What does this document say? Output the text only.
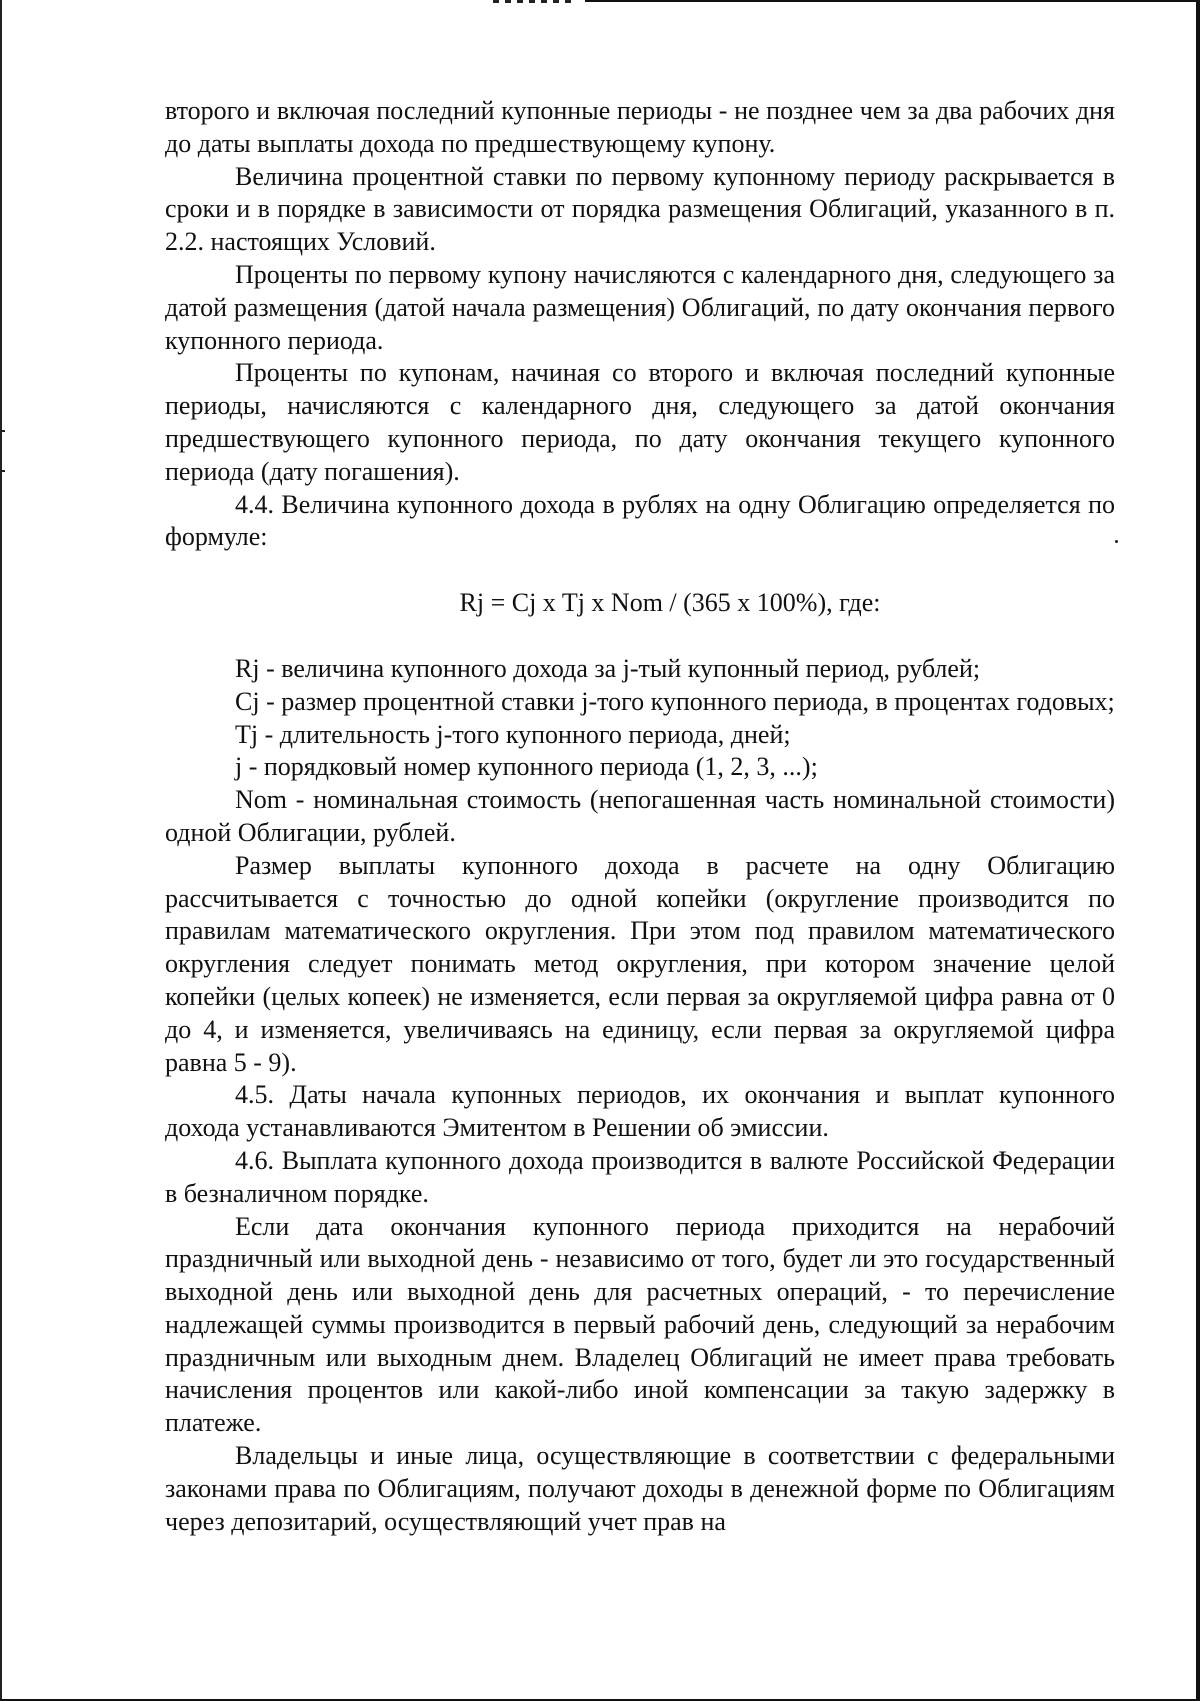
второго и включая последний купонные периоды - не позднее чем за два рабочих дня до даты выплаты дохода по предшествующему купону.

Величина процентной ставки по первому купонному периоду раскрывается в сроки и в порядке в зависимости от порядка размещения Облигаций, указанного в п. 2.2. настоящих Условий.

Проценты по первому купону начисляются с календарного дня, следующего за датой размещения (датой начала размещения) Облигаций, по дату окончания первого купонного периода.

Проценты по купонам, начиная со второго и включая последний купонные периоды, начисляются с календарного дня, следующего за датой окончания предшествующего купонного периода, по дату окончания текущего купонного периода (дату погашения).

4.4. Величина купонного дохода в рублях на одну Облигацию определяется по формуле:

Rj = Cj x Tj x Nom / (365 x 100%), где:

Rj - величина купонного дохода за j-тый купонный период, рублей;

Cj - размер процентной ставки j-того купонного периода, в процентах годовых;

Tj - длительность j-того купонного периода, дней;

j - порядковый номер купонного периода (1, 2, 3, ...);

Nom - номинальная стоимость (непогашенная часть номинальной стоимости) одной Облигации, рублей.

Размер выплаты купонного дохода в расчете на одну Облигацию рассчитывается с точностью до одной копейки (округление производится по правилам математического округления. При этом под правилом математического округления следует понимать метод округления, при котором значение целой копейки (целых копеек) не изменяется, если первая за округляемой цифра равна от 0 до 4, и изменяется, увеличиваясь на единицу, если первая за округляемой цифра равна 5 - 9).

4.5. Даты начала купонных периодов, их окончания и выплат купонного дохода устанавливаются Эмитентом в Решении об эмиссии.

4.6. Выплата купонного дохода производится в валюте Российской Федерации в безналичном порядке.

Если дата окончания купонного периода приходится на нерабочий праздничный или выходной день - независимо от того, будет ли это государственный выходной день или выходной день для расчетных операций, - то перечисление надлежащей суммы производится в первый рабочий день, следующий за нерабочим праздничным или выходным днем. Владелец Облигаций не имеет права требовать начисления процентов или какой-либо иной компенсации за такую задержку в платеже.

Владельцы и иные лица, осуществляющие в соответствии с федеральными законами права по Облигациям, получают доходы в денежной форме по Облигациям через депозитарий, осуществляющий учет прав на
